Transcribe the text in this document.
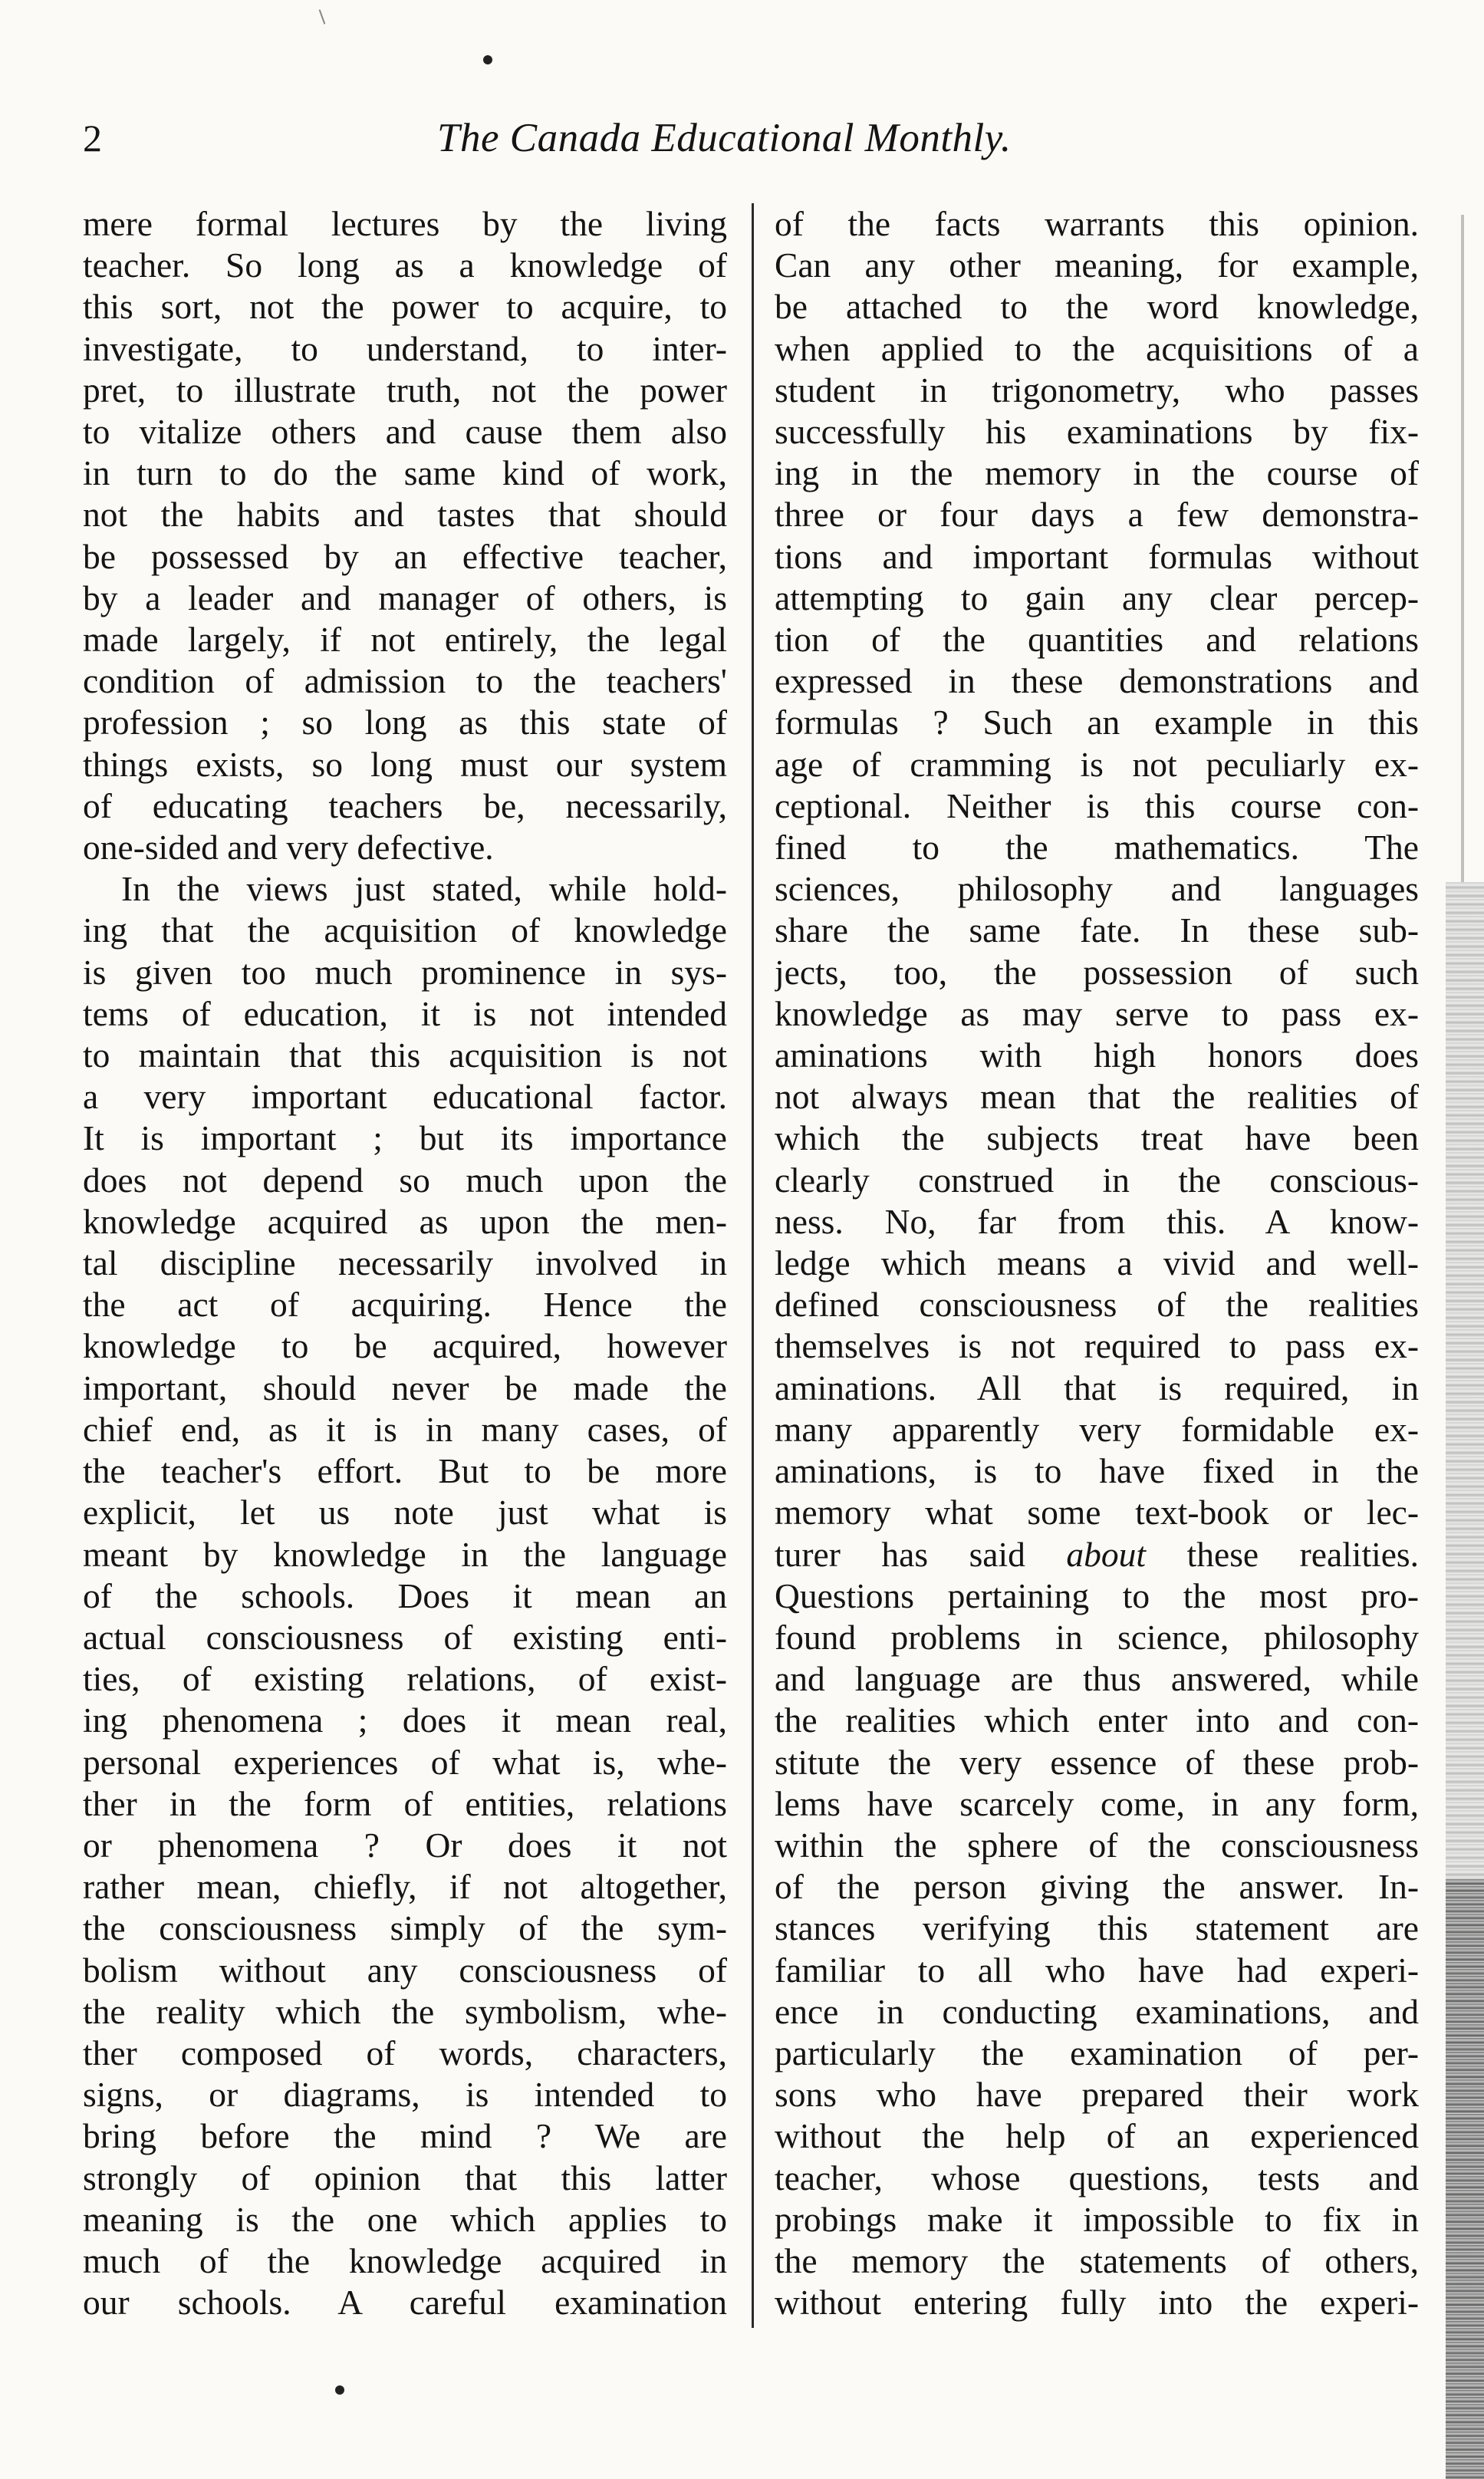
2	The Canada Educational Monthly.
mere formal lectures by the living
teacher. So long as a knowledge of
this sort, not the power to acquire, to
investigate, to understand, to inter-
pret, to illustrate truth, not the power
to vitalize others and cause them also
in turn to do the same kind of work,
not the habits and tastes that should
be possessed by an effective teacher,
by a leader and manager of others, is
made largely, if not entirely, the legal
condition of admission to the teachers'
profession ; so long as this state of
things exists, so long must our system
of educating teachers be, necessarily,
one-sided and very defective.
In the views just stated, while hold-
ing that the acquisition of knowledge
is given too much prominence in sys-
tems of education, it is not intended
to maintain that this acquisition is not
a very important educational factor.
It is important ; but its importance
does not depend so much upon the
knowledge acquired as upon the men-
tal discipline necessarily involved in
the act of acquiring. Hence the
knowledge to be acquired, however
important, should never be made the
chief end, as it is in many cases, of
the teacher's effort. But to be more
explicit, let us note just what is
meant by knowledge in the language
of the schools. Does it mean an
actual consciousness of existing enti-
ties, of existing relations, of exist-
ing phenomena ; does it mean real,
personal experiences of what is, whe-
ther in the form of entities, relations
or phenomena ? Or does it not
rather mean, chiefly, if not altogether,
the consciousness simply of the sym-
bolism without any consciousness of
the reality which the symbolism, whe-
ther composed of words, characters,
signs, or diagrams, is intended to
bring before the mind ? We are
strongly of opinion that this latter
meaning is the one which applies to
much of the knowledge acquired in
our schools. A careful examination
of the facts warrants this opinion.
Can any other meaning, for example,
be attached to the word knowledge,
when applied to the acquisitions of a
student in trigonometry, who passes
successfully his examinations by fix-
ing in the memory in the course of
three or four days a few demonstra-
tions and important formulas without
attempting to gain any clear percep-
tion of the quantities and relations
expressed in these demonstrations and
formulas ? Such an example in this
age of cramming is not peculiarly ex-
ceptional. Neither is this course con-
fined to the mathematics. The
sciences, philosophy and languages
share the same fate. In these sub-
jects, too, the possession of such
knowledge as may serve to pass ex-
aminations with high honors does
not always mean that the realities of
which the subjects treat have been
clearly construed in the conscious-
ness. No, far from this. A know-
ledge which means a vivid and well-
defined consciousness of the realities
themselves is not required to pass ex-
aminations. All that is required, in
many apparently very formidable ex-
aminations, is to have fixed in the
memory what some text-book or lec-
turer has said about these realities.
Questions pertaining to the most pro-
found problems in science, philosophy
and language are thus answered, while
the realities which enter into and con-
stitute the very essence of these prob-
lems have scarcely come, in any form,
within the sphere of the consciousness
of the person giving the answer. In-
stances verifying this statement are
familiar to all who have had experi-
ence in conducting examinations, and
particularly the examination of per-
sons who have prepared their work
without the help of an experienced
teacher, whose questions, tests and
probings make it impossible to fix in
the memory the statements of others,
without entering fully into the experi-
